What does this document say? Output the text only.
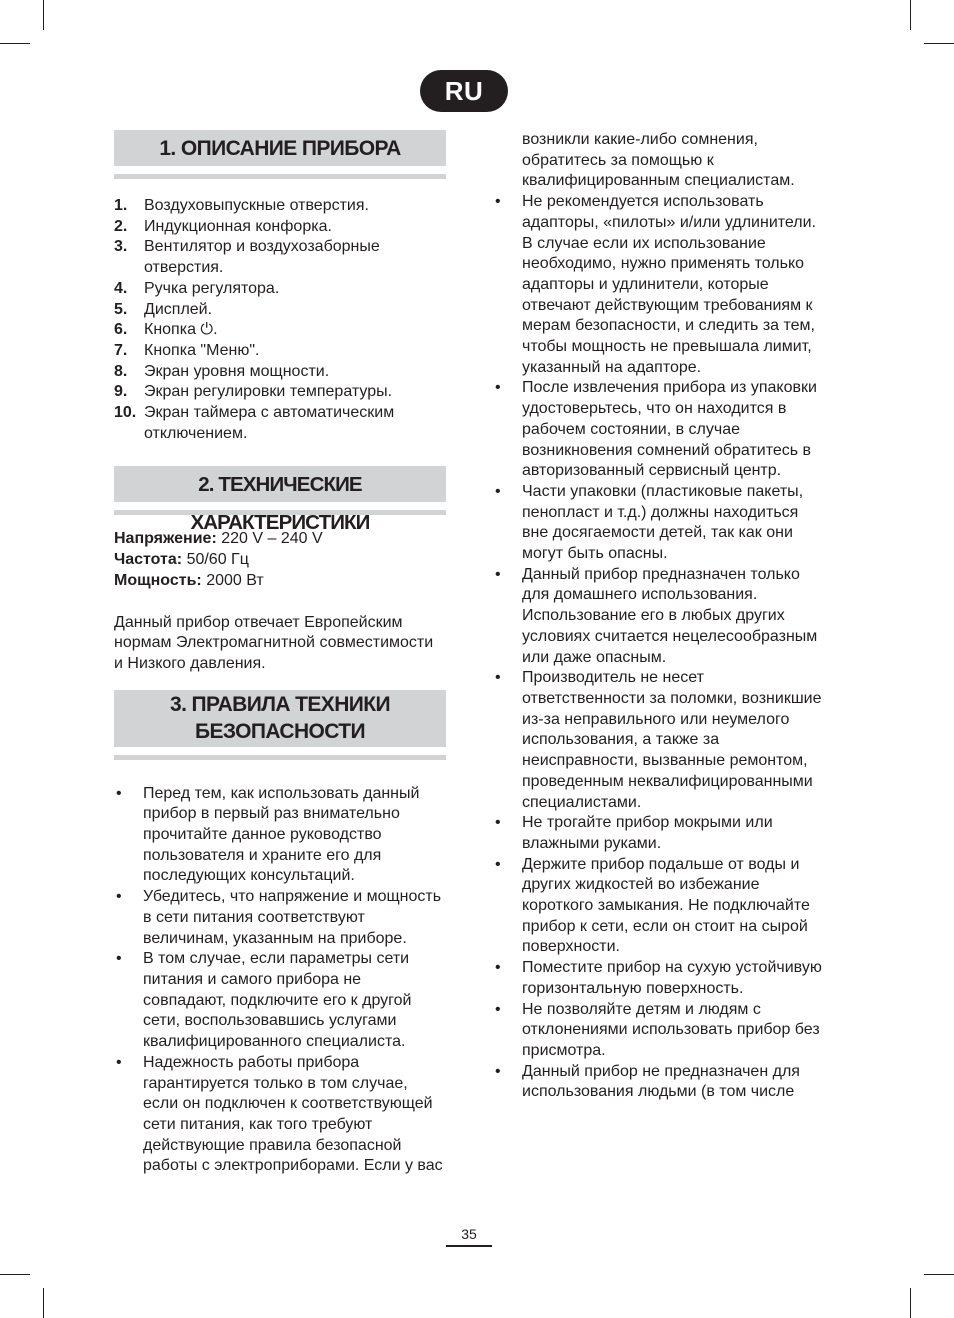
RU
1. ОПИСАНИЕ ПРИБОРА
1. Воздуховыпускные отверстия.
2. Индукционная конфорка.
3. Вентилятор и воздухозаборные отверстия.
4. Ручка регулятора.
5. Дисплей.
6. Кнопка ⏻.
7. Кнопка "Меню".
8. Экран уровня мощности.
9. Экран регулировки температуры.
10. Экран таймера с автоматическим отключением.
2. ТЕХНИЧЕСКИЕ ХАРАКТЕРИСТИКИ

Напряжение: 220 V – 240 V

Частота: 50/60 Гц

Мощность: 2000 Вт

Данный прибор отвечает Европейским нормам Электромагнитной совместимости и Низкого давления.

3. ПРАВИЛА ТЕХНИКИ
БЕЗОПАСНОСТИ
• Перед тем, как использовать данный прибор в первый раз внимательно прочитайте данное руководство пользователя и храните его для последующих консультаций.
• Убедитесь, что напряжение и мощность в сети питания соответствуют величинам, указанным на приборе.
• В том случае, если параметры сети питания и самого прибора не совпадают, подключите его к другой сети, воспользовавшись услугами квалифицированного специалиста.
• Надежность работы прибора гарантируется только в том случае, если он подключен к соответствующей сети питания, как того требуют действующие правила безопасной работы с электроприборами. Если у вас

возникли какие-либо сомнения, обратитесь за помощью к квалифицированным специалистам.

• Не рекомендуется использовать адапторы, «пилоты» и/или удлинители. В случае если их использование необходимо, нужно применять только адапторы и удлинители, которые отвечают действующим требованиям к мерам безопасности, и следить за тем, чтобы мощность не превышала лимит, указанный на адапторе.
• После извлечения прибора из упаковки удостоверьтесь, что он находится в рабочем состоянии, в случае возникновения сомнений обратитесь в авторизованный сервисный центр.
• Части упаковки (пластиковые пакеты, пенопласт и т.д.) должны находиться вне досягаемости детей, так как они могут быть опасны.
• Данный прибор предназначен только для домашнего использования. Использование его в любых других условиях считается нецелесообразным или даже опасным.
• Производитель не несет ответственности за поломки, возникшие из-за неправильного или неумелого использования, а также за неисправности, вызванные ремонтом, проведенным неквалифицированными специалистами.
• Не трогайте прибор мокрыми или влажными руками.
• Держите прибор подальше от воды и других жидкостей во избежание короткого замыкания. Не подключайте прибор к сети, если он стоит на сырой поверхности.
• Поместите прибор на сухую устойчивую горизонтальную поверхность.
• Не позволяйте детям и людям с отклонениями использовать прибор без присмотра.
• Данный прибор не предназначен для использования людьми (в том числе
35
